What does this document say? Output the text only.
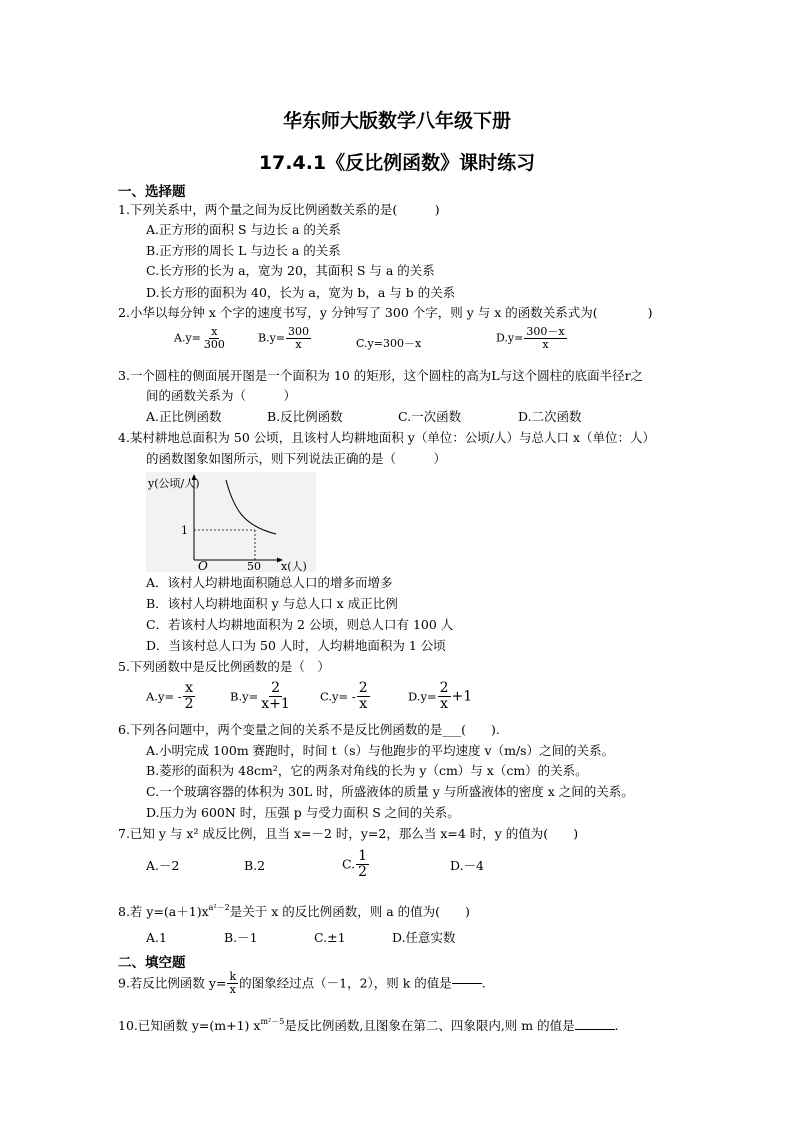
华东师大版数学八年级下册
17.4.1《反比例函数》课时练习
一、选择题
1.下列关系中，两个量之间为反比例函数关系的是(　　　)
A.正方形的面积 S 与边长 a 的关系
B.正方形的周长 L 与边长 a 的关系
C.长方形的长为 a，宽为 20，其面积 S 与 a 的关系
D.长方形的面积为 40，长为 a，宽为 b，a 与 b 的关系
2.小华以每分钟 x 个字的速度书写，y 分钟写了 300 个字，则 y 与 x 的函数关系式为(　　　　)
$A.y= \frac{x}{300}$	$B.y= \frac{300}{x}$	C.y=300－x	$D.y= \frac{300-x}{x}$
3.一个圆柱的侧面展开图是一个面积为 10 的矩形，这个圆柱的高为L与这个圆柱的底面半径r之
间的函数关系为（　　　）
A.正比例函数	B.反比例函数	C.一次函数	D.二次函数
4.某村耕地总面积为 50 公顷，且该村人均耕地面积 y（单位：公顷/人）与总人口 x（单位：人）
的函数图象如图所示，则下列说法正确的是（　　　）
y(公顷/人)
1
O	50 x(人)
A．该村人均耕地面积随总人口的增多而增多
B．该村人均耕地面积 y 与总人口 x 成正比例
C．若该村人均耕地面积为 2 公顷，则总人口有 100 人
D．当该村总人口为 50 人时，人均耕地面积为 1 公顷
5.下列函数中是反比例函数的是（　）
$A.y= - \frac{x}{2}$	$B.y= \frac{2}{x+1} C.y= - \frac{2}{x}$	$D.y= \frac{2}{x} +1$
6.下列各问题中，两个变量之间的关系不是反比例函数的是___(　　).
A.小明完成 100m 赛跑时，时间 t（s）与他跑步的平均速度 v（m/s）之间的关系。
B.菱形的面积为 48cm²，它的两条对角线的长为 y（cm）与 x（cm）的关系。
C.一个玻璃容器的体积为 30L 时，所盛液体的质量 y 与所盛液体的密度 x 之间的关系。
D.压力为 600N 时，压强 p 与受力面积 S 之间的关系。
7.已知 y 与 x² 成反比例，且当 x=－2 时，y=2，那么当 x=4 时，y 的值为(　　)
A.－2	B.2	C. $\frac{1}{2}$	D.－4
8.若 $y=(a+1)x^{a^2-2}$是关于 x 的反比例函数，则 a 的值为(　　)
A.1	B.－1	C.±1	D.任意实数
二、填空题
9.若反比例函数 $y= \frac{k}{x}$ 的图象经过点（－1，2），则 k 的值是 .
10.已知函数 y=(m+1) $x^{m^2-5}$是反比例函数,且图象在第二、四象限内,则 m 的值是	.
